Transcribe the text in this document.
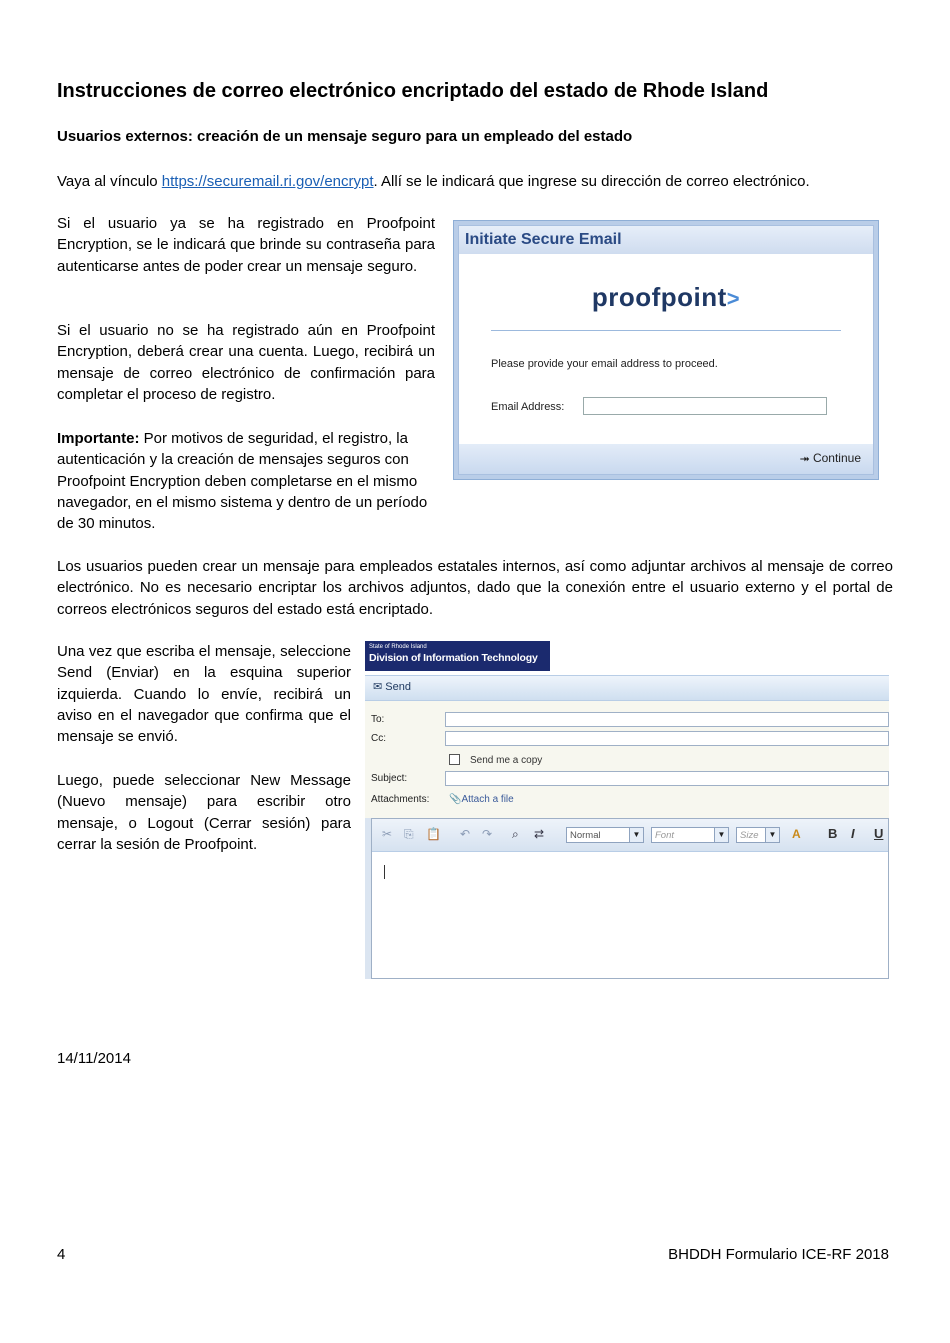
Instrucciones de correo electrónico encriptado del estado de Rhode Island
Usuarios externos: creación de un mensaje seguro para un empleado del estado
Vaya al vínculo https://securemail.ri.gov/encrypt. Allí se le indicará que ingrese su dirección de correo electrónico.
Si el usuario ya se ha registrado en Proofpoint Encryption, se le indicará que brinde su contraseña para autenticarse antes de poder crear un mensaje seguro.
Si el usuario no se ha registrado aún en Proofpoint Encryption, deberá crear una cuenta. Luego, recibirá un mensaje de correo electrónico de confirmación para completar el proceso de registro.
Importante: Por motivos de seguridad, el registro, la autenticación y la creación de mensajes seguros con Proofpoint Encryption deben completarse en el mismo navegador, en el mismo sistema y dentro de un período de 30 minutos.
Initiate Secure Email
proofpoint>
Please provide your email address to proceed.
Email Address:
⯮ Continue
Los usuarios pueden crear un mensaje para empleados estatales internos, así como adjuntar archivos al mensaje de correo electrónico. No es necesario encriptar los archivos adjuntos, dado que la conexión entre el usuario externo y el portal de correos electrónicos seguros del estado está encriptado.
Una vez que escriba el mensaje, seleccione Send (Enviar) en la esquina superior izquierda. Cuando lo envíe, recibirá un aviso en el navegador que confirma que el mensaje se envió.
Luego, puede seleccionar New Message (Nuevo mensaje) para escribir otro mensaje, o Logout (Cerrar sesión) para cerrar la sesión de Proofpoint.
State of Rhode Island
Division of Information Technology
✉ Send
To:
Cc:
Send me a copy
Subject:
Attachments: 📎Attach a file
✂ ⎘ 📋 ↶ ↷ ⌕ ⇄	Normal	▼	Font	▼	Size	▼ A B I U
14/11/2014
4	BHDDH Formulario ICE-RF 2018
